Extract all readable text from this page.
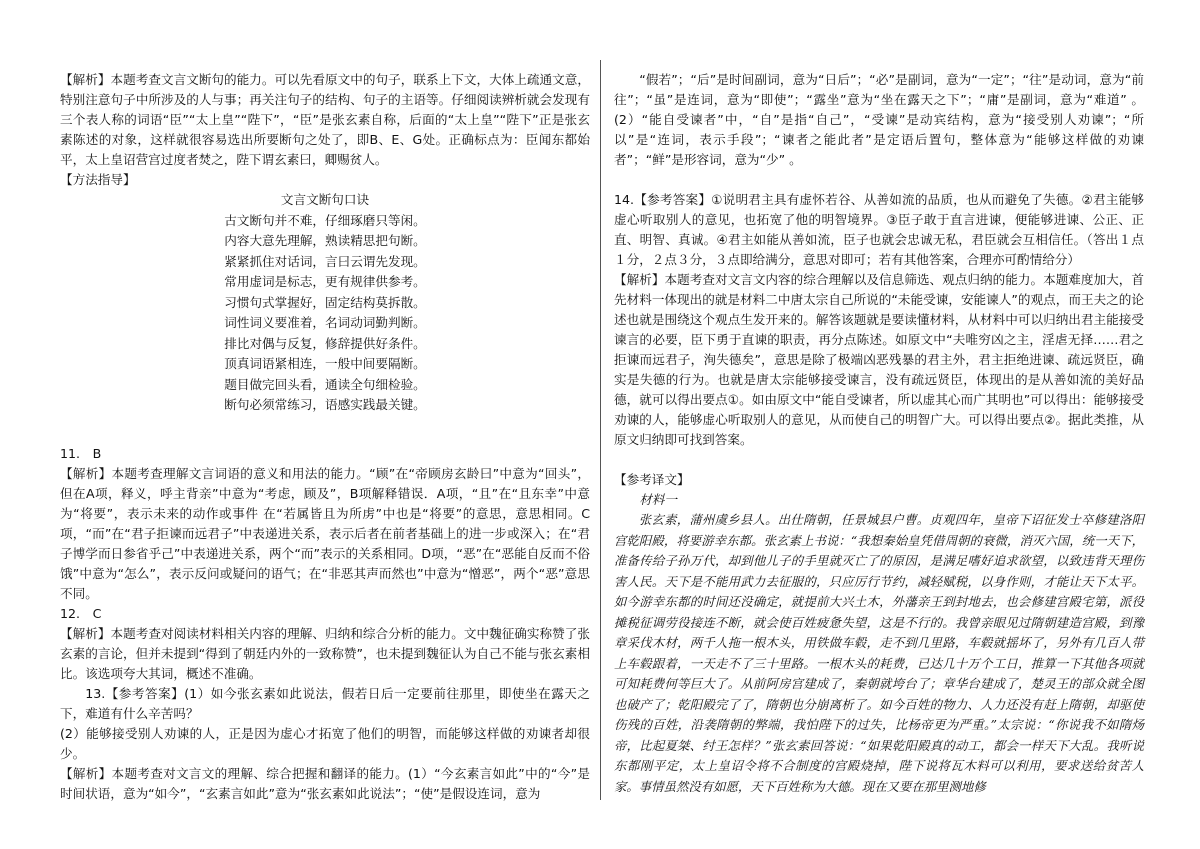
【解析】本题考查文言文断句的能力。可以先看原文中的句子，联系上下文，大体上疏通文意，特别注意句子中所涉及的人与事；再关注句子的结构、句子的主语等。仔细阅读辨析就会发现有三个表人称的词语“臣”“太上皇”“陛下”，“臣”是张玄素自称，后面的“太上皇”“陛下”正是张玄素陈述的对象，这样就很容易选出所要断句之处了，即B、E、G处。正确标点为：臣闻东都始平，太上皇诏营宫过度者焚之，陛下谓玄素曰，卿赐贫人。

【方法指导】

文言文断句口诀

古文断句并不难，仔细琢磨只等闲。

内容大意先理解，熟读精思把句断。

紧紧抓住对话词，言曰云谓先发现。

常用虚词是标志，更有规律供参考。

习惯句式掌握好，固定结构莫拆散。

词性词义要准着，名词动词勤判断。

排比对偶与反复，修辞提供好条件。

顶真词语紧相连，一般中间要隔断。

题目做完回头看，通读全句细检验。

断句必须常练习，语感实践最关键。

11.　B

【解析】本题考查理解文言词语的意义和用法的能力。“顾”在“帝顾房玄龄曰”中意为“回头”，但在A项，释义，呼主背亲”中意为“考虑，顾及”，B项解释错误．A项，“且”在“且东幸”中意为“将要”，表示未来的动作或事件 在“若属皆且为所虏”中也是“将要”的意思，意思相同。C项，“而”在“君子拒谏而远君子”中表递进关系，表示后者在前者基础上的进一步或深入；在“君子博学而日参省乎己”中表递进关系，两个“而”表示的关系相同。D项，“恶”在“恶能自反而不俗饿”中意为“怎么”，表示反问或疑问的语气；在“非恶其声而然也”中意为“憎恶”，两个“恶”意思不同。

12.　C

【解析】本题考查对阅读材料相关内容的理解、归纳和综合分析的能力。文中魏征确实称赞了张玄素的言论，但并未提到“得到了朝廷内外的一致称赞”，也未提到魏征认为自己不能与张玄素相比。该选项夸大其词，概述不准确。

13.【参考答案】(1）如今张玄素如此说法，假若日后一定要前往那里，即使坐在露天之下，难道有什么辛苦吗？

(2）能够接受别人劝谏的人，正是因为虚心才拓宽了他们的明智，而能够这样做的劝谏者却很少。

【解析】本题考查对文言文的理解、综合把握和翻译的能力。(1）“今玄素言如此”中的“今”是时间状语，意为“如今”，“玄素言如此”意为“张玄素如此说法”；“使”是假设连词，意为

“假若”；“后”是时间副词，意为“日后”；“必”是副词，意为“一定”；“往”是动词，意为“前往”；“虽”是连词，意为“即使”；“露坐”意为“坐在露天之下”；“庸”是副词，意为“难道” 。(2）“能自受谏者”中，“自”是指“自己”，“受谏”是动宾结构，意为“接受别人劝谏”；“所以”是“连词，表示手段”；“谏者之能此者”是定语后置句，整体意为“能够这样做的劝谏者”；“鲜”是形容词，意为“少” 。

14.【参考答案】①说明君主具有虚怀若谷、从善如流的品质，也从而避免了失德。②君主能够虚心听取别人的意见，也拓宽了他的明智境界。③臣子敢于直言进谏，便能够进谏、公正、正直、明智、真诚。④君主如能从善如流，臣子也就会忠诚无私，君臣就会互相信任。（答出１点１分，２点３分，３点即给满分，意思对即可；若有其他答案，合理亦可酌情给分）

【解析】本题考查对文言文内容的综合理解以及信息筛选、观点归纳的能力。本题难度加大，首先材料一体现出的就是材料二中唐太宗自己所说的“未能受谏，安能谏人”的观点，而王夫之的论述也就是围绕这个观点生发开来的。解答该题就是要读懂材料，从材料中可以归纳出君主能接受谏言的必要，臣下勇于直谏的职责，再分点陈述。如原文中“夫唯穷凶之主，淫虐无择……君之拒谏而远君子，洵失德矣”，意思是除了极端凶恶残暴的君主外，君主拒绝进谏、疏远贤臣，确实是失德的行为。也就是唐太宗能够接受谏言，没有疏远贤臣，体现出的是从善如流的美好品德，就可以得出要点①。如由原文中“能自受谏者，所以虚其心而广其明也”可以得出：能够接受劝谏的人，能够虚心听取别人的意见，从而使自己的明智广大。可以得出要点②。据此类推，从原文归纳即可找到答案。

【参考译文】

材料一

张玄素，蒲州虞乡县人。出仕隋朝，任景城县户曹。贞观四年，皇帝下诏征发士卒修建洛阳宫乾阳殿，将要游幸东都。张玄素上书说：“我想秦始皇凭借周朝的衰微，消灭六国，统一天下，准备传给子孙万代，却到他儿子的手里就灭亡了的原因，是满足嗜好追求欲望，以致违背天理伤害人民。天下是不能用武力去征服的，只应厉行节约，减轻赋税，以身作则，才能让天下太平。如今游幸东都的时间还没确定，就提前大兴土木，外藩亲王到封地去，也会修建宫殿宅第，派役摊税征调劳役接连不断，就会使百姓疲惫失望，这是不行的。我曾亲眼见过隋朝建造宫殿，到豫章采伐木材，两千人拖一根木头，用铁做车毂，走不到几里路，车毂就摇坏了，另外有几百人带上车毂跟着，一天走不了三十里路。一根木头的耗费，已达几十万个工日，推算一下其他各项就可知耗费何等巨大了。从前阿房宫建成了，秦朝就垮台了；章华台建成了，楚灵王的部众就全图也破产了；乾阳殿完了了，隋朝也分崩离析了。如今百姓的物力、人力还没有赶上隋朝，却驱使伤残的百姓，沿袭隋朝的弊端，我怕陛下的过失，比杨帝更为严重。”太宗说：“你说我不如隋炀帝，比起夏桀、纣王怎样？”张玄素回答说：“如果乾阳殿真的动工，都会一样天下大乱。我听说东都刚平定，太上皇诏令将不合制度的宫殿烧掉，陛下说将瓦木料可以利用，要求送给贫苦人家。事情虽然没有如愿，天下百姓称为大德。现在又要在那里测地修
